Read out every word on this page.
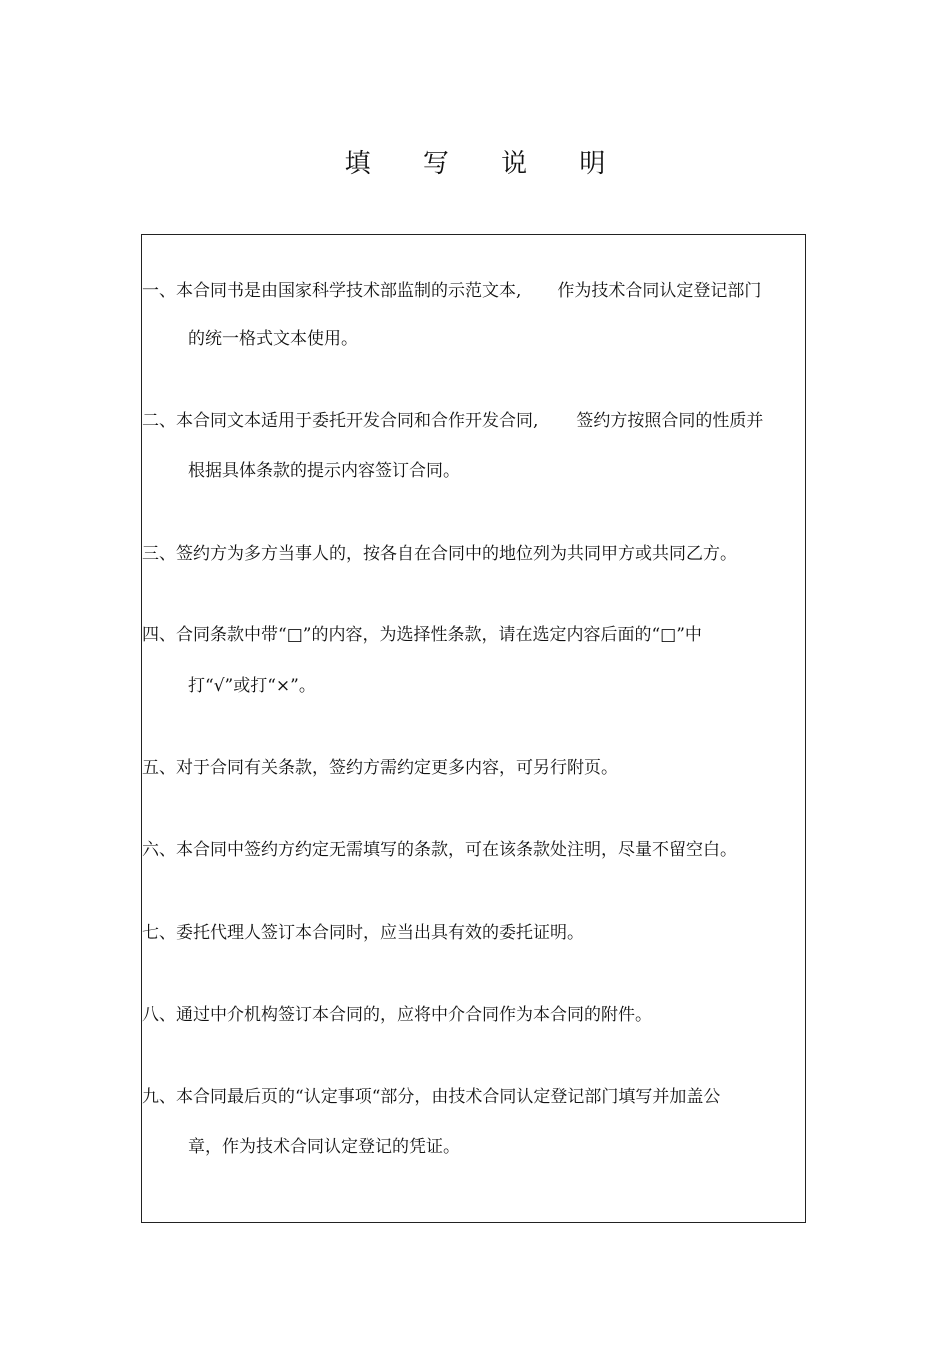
填 写 说 明
一、本合同书是由国家科学技术部监制的示范文本, 作为技术合同认定登记部门
的统一格式文本使用。
二、本合同文本适用于委托开发合同和合作开发合同, 签约方按照合同的性质并
根据具体条款的提示内容签订合同。
三、签约方为多方当事人的，按各自在合同中的地位列为共同甲方或共同乙方。
四、合同条款中带“□”的内容，为选择性条款，请在选定内容后面的“□”中
打“√”或打“×”。
五、对于合同有关条款，签约方需约定更多内容，可另行附页。
六、本合同中签约方约定无需填写的条款，可在该条款处注明，尽量不留空白。
七、委托代理人签订本合同时，应当出具有效的委托证明。
八、通过中介机构签订本合同的，应将中介合同作为本合同的附件。
九、本合同最后页的“认定事项“部分，由技术合同认定登记部门填写并加盖公
章，作为技术合同认定登记的凭证。
